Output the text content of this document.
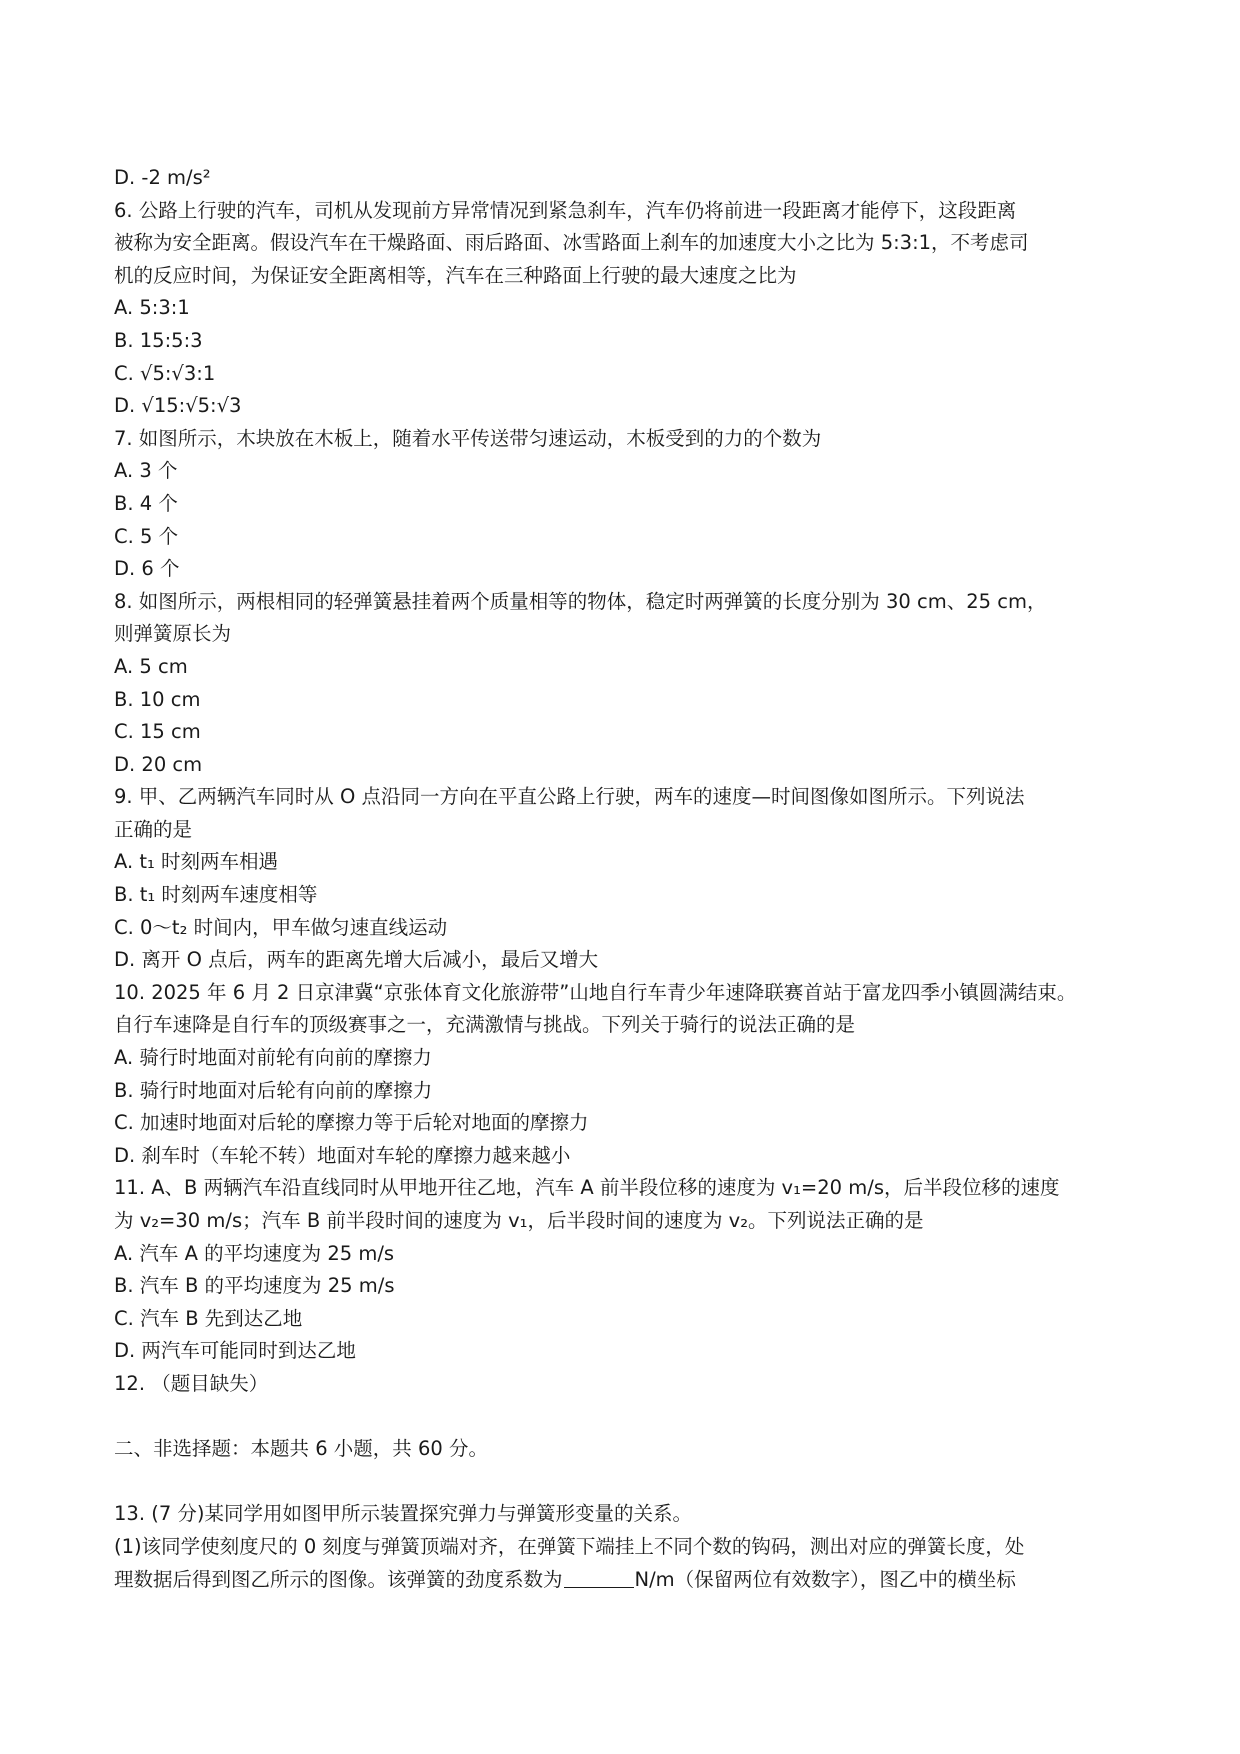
D. -2 m/s²
6. 公路上行驶的汽车，司机从发现前方异常情况到紧急刹车，汽车仍将前进一段距离才能停下，这段距离
被称为安全距离。假设汽车在干燥路面、雨后路面、冰雪路面上刹车的加速度大小之比为 5:3:1，不考虑司
机的反应时间，为保证安全距离相等，汽车在三种路面上行驶的最大速度之比为
A. 5:3:1
B. 15:5:3
C. √5:√3:1
D. √15:√5:√3
7. 如图所示，木块放在木板上，随着水平传送带匀速运动，木板受到的力的个数为
A. 3 个
B. 4 个
C. 5 个
D. 6 个
8. 如图所示，两根相同的轻弹簧悬挂着两个质量相等的物体，稳定时两弹簧的长度分别为 30 cm、25 cm，
则弹簧原长为
A. 5 cm
B. 10 cm
C. 15 cm
D. 20 cm
9. 甲、乙两辆汽车同时从 O 点沿同一方向在平直公路上行驶，两车的速度—时间图像如图所示。下列说法
正确的是
A. t₁ 时刻两车相遇
B. t₁ 时刻两车速度相等
C. 0～t₂ 时间内，甲车做匀速直线运动
D. 离开 O 点后，两车的距离先增大后减小，最后又增大
10. 2025 年 6 月 2 日京津冀“京张体育文化旅游带”山地自行车青少年速降联赛首站于富龙四季小镇圆满结束。
自行车速降是自行车的顶级赛事之一，充满激情与挑战。下列关于骑行的说法正确的是
A. 骑行时地面对前轮有向前的摩擦力
B. 骑行时地面对后轮有向前的摩擦力
C. 加速时地面对后轮的摩擦力等于后轮对地面的摩擦力
D. 刹车时（车轮不转）地面对车轮的摩擦力越来越小
11. A、B 两辆汽车沿直线同时从甲地开往乙地，汽车 A 前半段位移的速度为 v₁=20 m/s，后半段位移的速度
为 v₂=30 m/s；汽车 B 前半段时间的速度为 v₁，后半段时间的速度为 v₂。下列说法正确的是
A. 汽车 A 的平均速度为 25 m/s
B. 汽车 B 的平均速度为 25 m/s
C. 汽车 B 先到达乙地
D. 两汽车可能同时到达乙地
12. （题目缺失）
二、非选择题：本题共 6 小题，共 60 分。
13. (7 分)某同学用如图甲所示装置探究弹力与弹簧形变量的关系。
(1)该同学使刻度尺的 0 刻度与弹簧顶端对齐，在弹簧下端挂上不同个数的钩码，测出对应的弹簧长度，处
理数据后得到图乙所示的图像。该弹簧的劲度系数为	N/m（保留两位有效数字），图乙中的横坐标
